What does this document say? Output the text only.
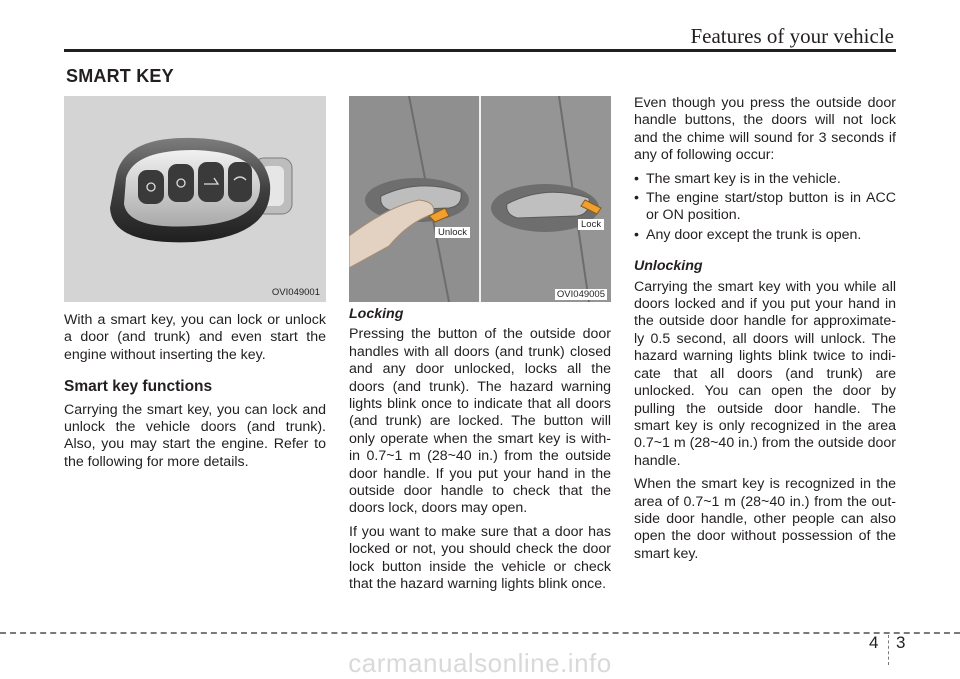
Features of your vehicle
SMART KEY
OVI049001
Unlock
Lock
OVI049005

With a smart key, you can lock or unlock a door (and trunk) and even start the engine without inserting the key.

Smart key functions

Carrying the smart key, you can lock and unlock the vehicle doors (and trunk). Also, you may start the engine. Refer to the following for more details.

Locking

Pressing the button of the outside door handles with all doors (and trunk) closed and any door unlocked, locks all the doors (and trunk). The hazard warning lights blink once to indicate that all doors (and trunk) are locked. The button will only operate when the smart key is with-in 0.7~1 m (28~40 in.) from the outside door handle. If you put your hand in the outside door handle to check that the doors lock, doors may open.

If you want to make sure that a door has locked or not, you should check the door lock button inside the vehicle or check that the hazard warning lights blink once.

Even though you press the outside door handle buttons, the doors will not lock and the chime will sound for 3 seconds if any of following occur:

• The smart key is in the vehicle.
• The engine start/stop button is in ACC or ON position.
• Any door except the trunk is open.
Unlocking

Carrying the smart key with you while all doors locked and if you put your hand in the outside door handle for approximate-ly 0.5 second, all doors will unlock. The hazard warning lights blink twice to indi-cate that all doors (and trunk) are unlocked. You can open the door by pulling the outside door handle. The smart key is only recognized in the area 0.7~1 m (28~40 in.) from the outside door handle.

When the smart key is recognized in the area of 0.7~1 m (28~40 in.) from the out-side door handle, other people can also open the door without possession of the smart key.

4 3
carmanualsonline.info
